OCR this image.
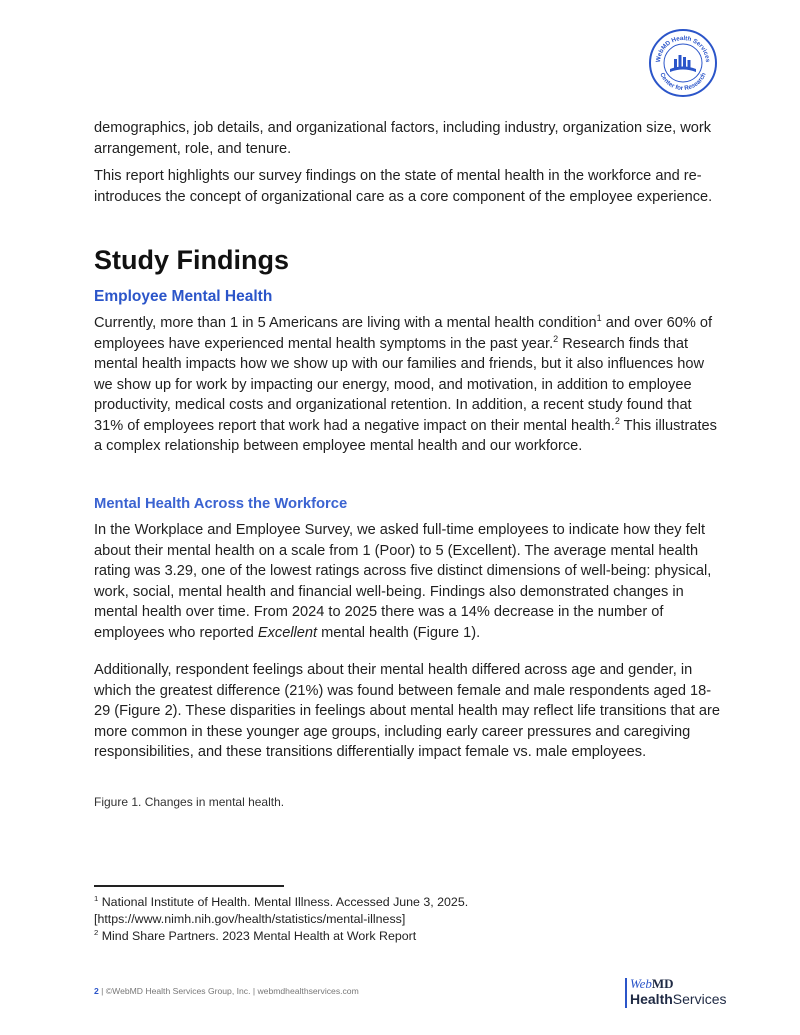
WebMD Health Services
Center for Research

demographics, job details, and organizational factors, including industry, organization size, work arrangement, role, and tenure.

This report highlights our survey findings on the state of mental health in the workforce and re-introduces the concept of organizational care as a core component of the employee experience.

Study Findings
Employee Mental Health

Currently, more than 1 in 5 Americans are living with a mental health condition$^1$ and over 60% of employees have experienced mental health symptoms in the past year.$^2$ Research finds that mental health impacts how we show up with our families and friends, but it also influences how we show up for work by impacting our energy, mood, and motivation, in addition to employee productivity, medical costs and organizational retention. In addition, a recent study found that 31% of employees report that work had a negative impact on their mental health.$^2$ This illustrates a complex relationship between employee mental health and our workforce.

Mental Health Across the Workforce

In the Workplace and Employee Survey, we asked full-time employees to indicate how they felt about their mental health on a scale from 1 (Poor) to 5 (Excellent). The average mental health rating was 3.29, one of the lowest ratings across five distinct dimensions of well-being: physical, work, social, mental health and financial well-being. Findings also demonstrated changes in mental health over time. From 2024 to 2025 there was a 14% decrease in the number of employees who reported Excellent mental health (Figure 1).

Additionally, respondent feelings about their mental health differed across age and gender, in which the greatest difference (21%) was found between female and male respondents aged 18-29 (Figure 2). These disparities in feelings about mental health may reflect life transitions that are more common in these younger age groups, including early career pressures and caregiving responsibilities, and these transitions differentially impact female vs. male employees.

Figure 1. Changes in mental health.

$^1$ National Institute of Health. Mental Illness. Accessed June 3, 2025. [https://www.nimh.nih.gov/health/statistics/mental-illness]
$^2$ Mind Share Partners. 2023 Mental Health at Work Report
2 | ©WebMD Health Services Group, Inc. | webmdhealthservices.com	WebMD
HealthServices
